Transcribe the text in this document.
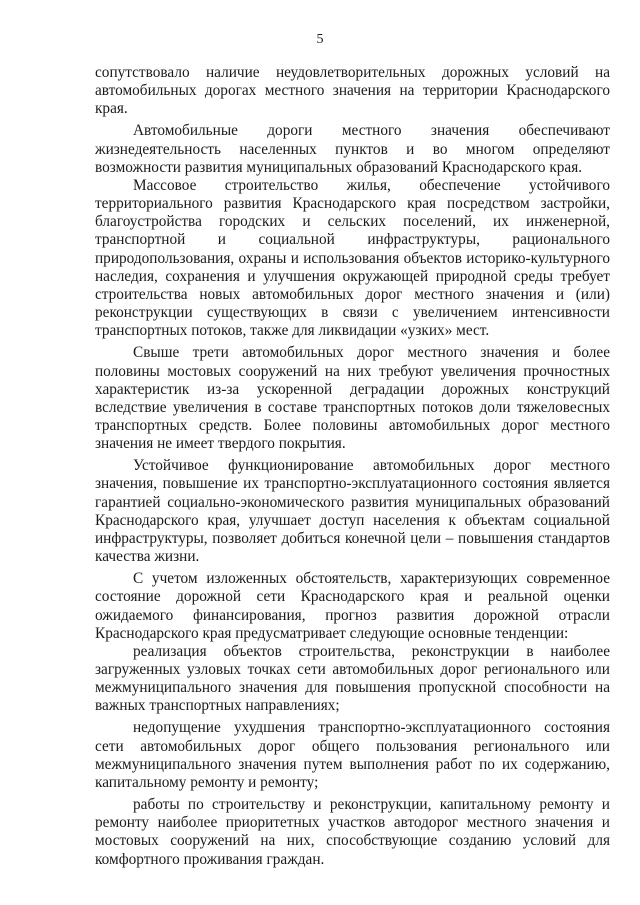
5

сопутствовало наличие неудовлетворительных дорожных условий на автомобильных дорогах местного значения на территории Краснодарского края.

Автомобильные дороги местного значения обеспечивают жизнедеятельность населенных пунктов и во многом определяют возможности развития муниципальных образований Краснодарского края.

Массовое строительство жилья, обеспечение устойчивого территориального развития Краснодарского края посредством застройки, благоустройства городских и сельских поселений, их инженерной, транспортной и социальной инфраструктуры, рационального природопользования, охраны и использования объектов историко-культурного наследия, сохранения и улучшения окружающей природной среды требует строительства новых автомобильных дорог местного значения и (или) реконструкции существующих в связи с увеличением интенсивности транспортных потоков, также для ликвидации «узких» мест.

Свыше трети автомобильных дорог местного значения и более половины мостовых сооружений на них требуют увеличения прочностных характеристик из-за ускоренной деградации дорожных конструкций вследствие увеличения в составе транспортных потоков доли тяжеловесных транспортных средств. Более половины автомобильных дорог местного значения не имеет твердого покрытия.

Устойчивое функционирование автомобильных дорог местного значения, повышение их транспортно-эксплуатационного состояния является гарантией социально-экономического развития муниципальных образований Краснодарского края, улучшает доступ населения к объектам социальной инфраструктуры, позволяет добиться конечной цели – повышения стандартов качества жизни.

С учетом изложенных обстоятельств, характеризующих современное состояние дорожной сети Краснодарского края и реальной оценки ожидаемого финансирования, прогноз развития дорожной отрасли Краснодарского края предусматривает следующие основные тенденции:

реализация объектов строительства, реконструкции в наиболее загруженных узловых точках сети автомобильных дорог регионального или межмуниципального значения для повышения пропускной способности на важных транспортных направлениях;

недопущение ухудшения транспортно-эксплуатационного состояния сети автомобильных дорог общего пользования регионального или межмуниципального значения путем выполнения работ по их содержанию, капитальному ремонту и ремонту;

работы по строительству и реконструкции, капитальному ремонту и ремонту наиболее приоритетных участков автодорог местного значения и мостовых сооружений на них, способствующие созданию условий для комфортного проживания граждан.
